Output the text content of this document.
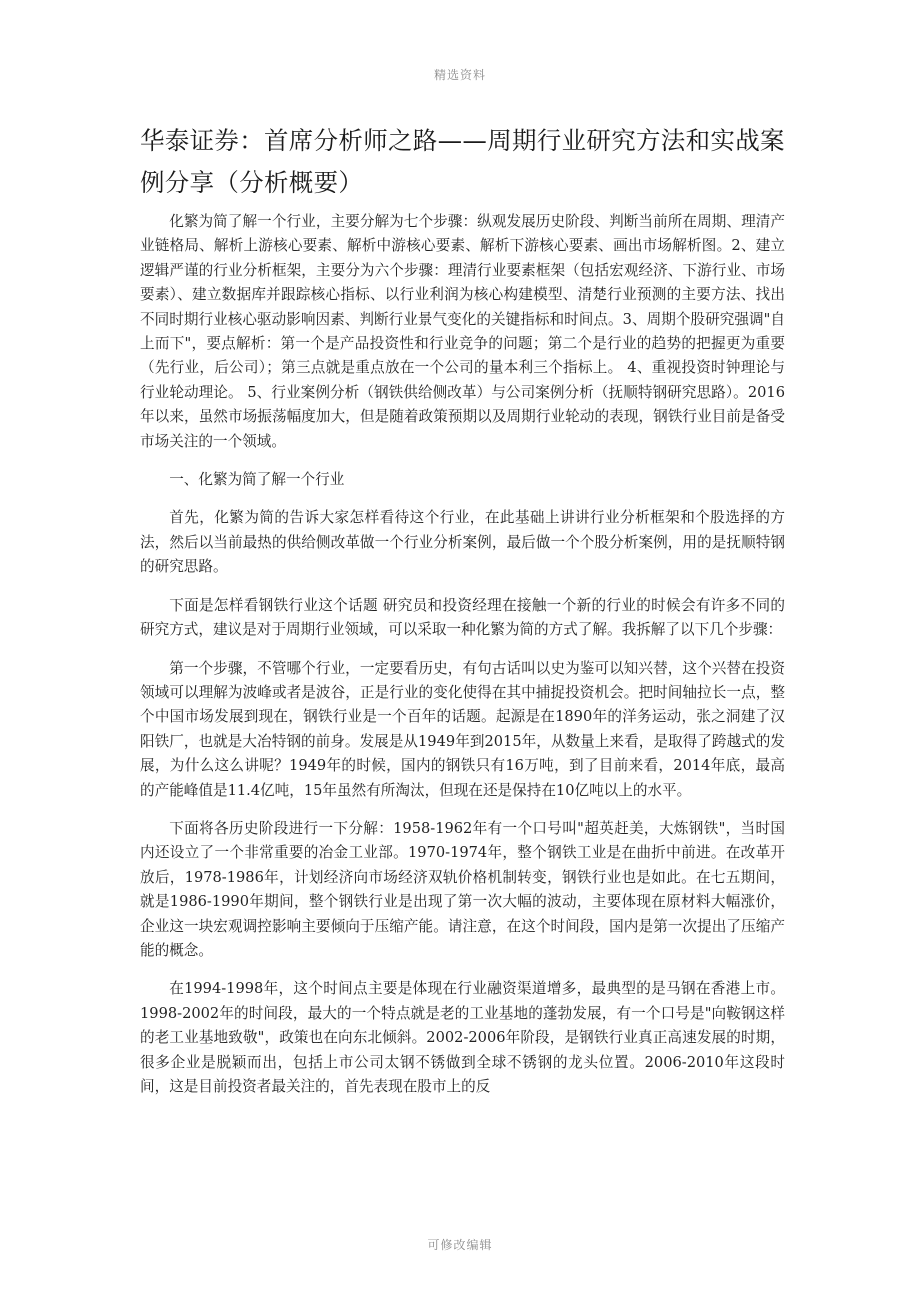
精选资料
华泰证券：首席分析师之路——周期行业研究方法和实战案例分享（分析概要）

化繁为简了解一个行业，主要分解为七个步骤：纵观发展历史阶段、判断当前所在周期、理清产业链格局、解析上游核心要素、解析中游核心要素、解析下游核心要素、画出市场解析图。2、建立逻辑严谨的行业分析框架，主要分为六个步骤：理清行业要素框架（包括宏观经济、下游行业、市场要素）、建立数据库并跟踪核心指标、以行业利润为核心构建模型、清楚行业预测的主要方法、找出不同时期行业核心驱动影响因素、判断行业景气变化的关键指标和时间点。3、周期个股研究强调"自上而下"，要点解析：第一个是产品投资性和行业竞争的问题；第二个是行业的趋势的把握更为重要（先行业，后公司）；第三点就是重点放在一个公司的量本利三个指标上。 4、重视投资时钟理论与行业轮动理论。 5、行业案例分析（钢铁供给侧改革）与公司案例分析（抚顺特钢研究思路）。2016年以来，虽然市场振荡幅度加大，但是随着政策预期以及周期行业轮动的表现，钢铁行业目前是备受市场关注的一个领域。

一、化繁为简了解一个行业

首先，化繁为简的告诉大家怎样看待这个行业，在此基础上讲讲行业分析框架和个股选择的方法，然后以当前最热的供给侧改革做一个行业分析案例，最后做一个个股分析案例，用的是抚顺特钢的研究思路。

下面是怎样看钢铁行业这个话题 研究员和投资经理在接触一个新的行业的时候会有许多不同的研究方式，建议是对于周期行业领域，可以采取一种化繁为简的方式了解。我拆解了以下几个步骤：

第一个步骤，不管哪个行业，一定要看历史，有句古话叫以史为鉴可以知兴替，这个兴替在投资领域可以理解为波峰或者是波谷，正是行业的变化使得在其中捕捉投资机会。把时间轴拉长一点，整个中国市场发展到现在，钢铁行业是一个百年的话题。起源是在1890年的洋务运动，张之洞建了汉阳铁厂，也就是大冶特钢的前身。发展是从1949年到2015年，从数量上来看，是取得了跨越式的发展，为什么这么讲呢？1949年的时候，国内的钢铁只有16万吨，到了目前来看，2014年底，最高的产能峰值是11.4亿吨，15年虽然有所淘汰，但现在还是保持在10亿吨以上的水平。

下面将各历史阶段进行一下分解：1958-1962年有一个口号叫"超英赶美，大炼钢铁"，当时国内还设立了一个非常重要的冶金工业部。1970-1974年，整个钢铁工业是在曲折中前进。在改革开放后，1978-1986年，计划经济向市场经济双轨价格机制转变，钢铁行业也是如此。在七五期间，就是1986-1990年期间，整个钢铁行业是出现了第一次大幅的波动，主要体现在原材料大幅涨价，企业这一块宏观调控影响主要倾向于压缩产能。请注意，在这个时间段，国内是第一次提出了压缩产能的概念。

在1994-1998年，这个时间点主要是体现在行业融资渠道增多，最典型的是马钢在香港上市。1998-2002年的时间段，最大的一个特点就是老的工业基地的蓬勃发展，有一个口号是"向鞍钢这样的老工业基地致敬"，政策也在向东北倾斜。2002-2006年阶段，是钢铁行业真正高速发展的时期，很多企业是脱颖而出，包括上市公司太钢不锈做到全球不锈钢的龙头位置。2006-2010年这段时间，这是目前投资者最关注的，首先表现在股市上的反

可修改编辑
